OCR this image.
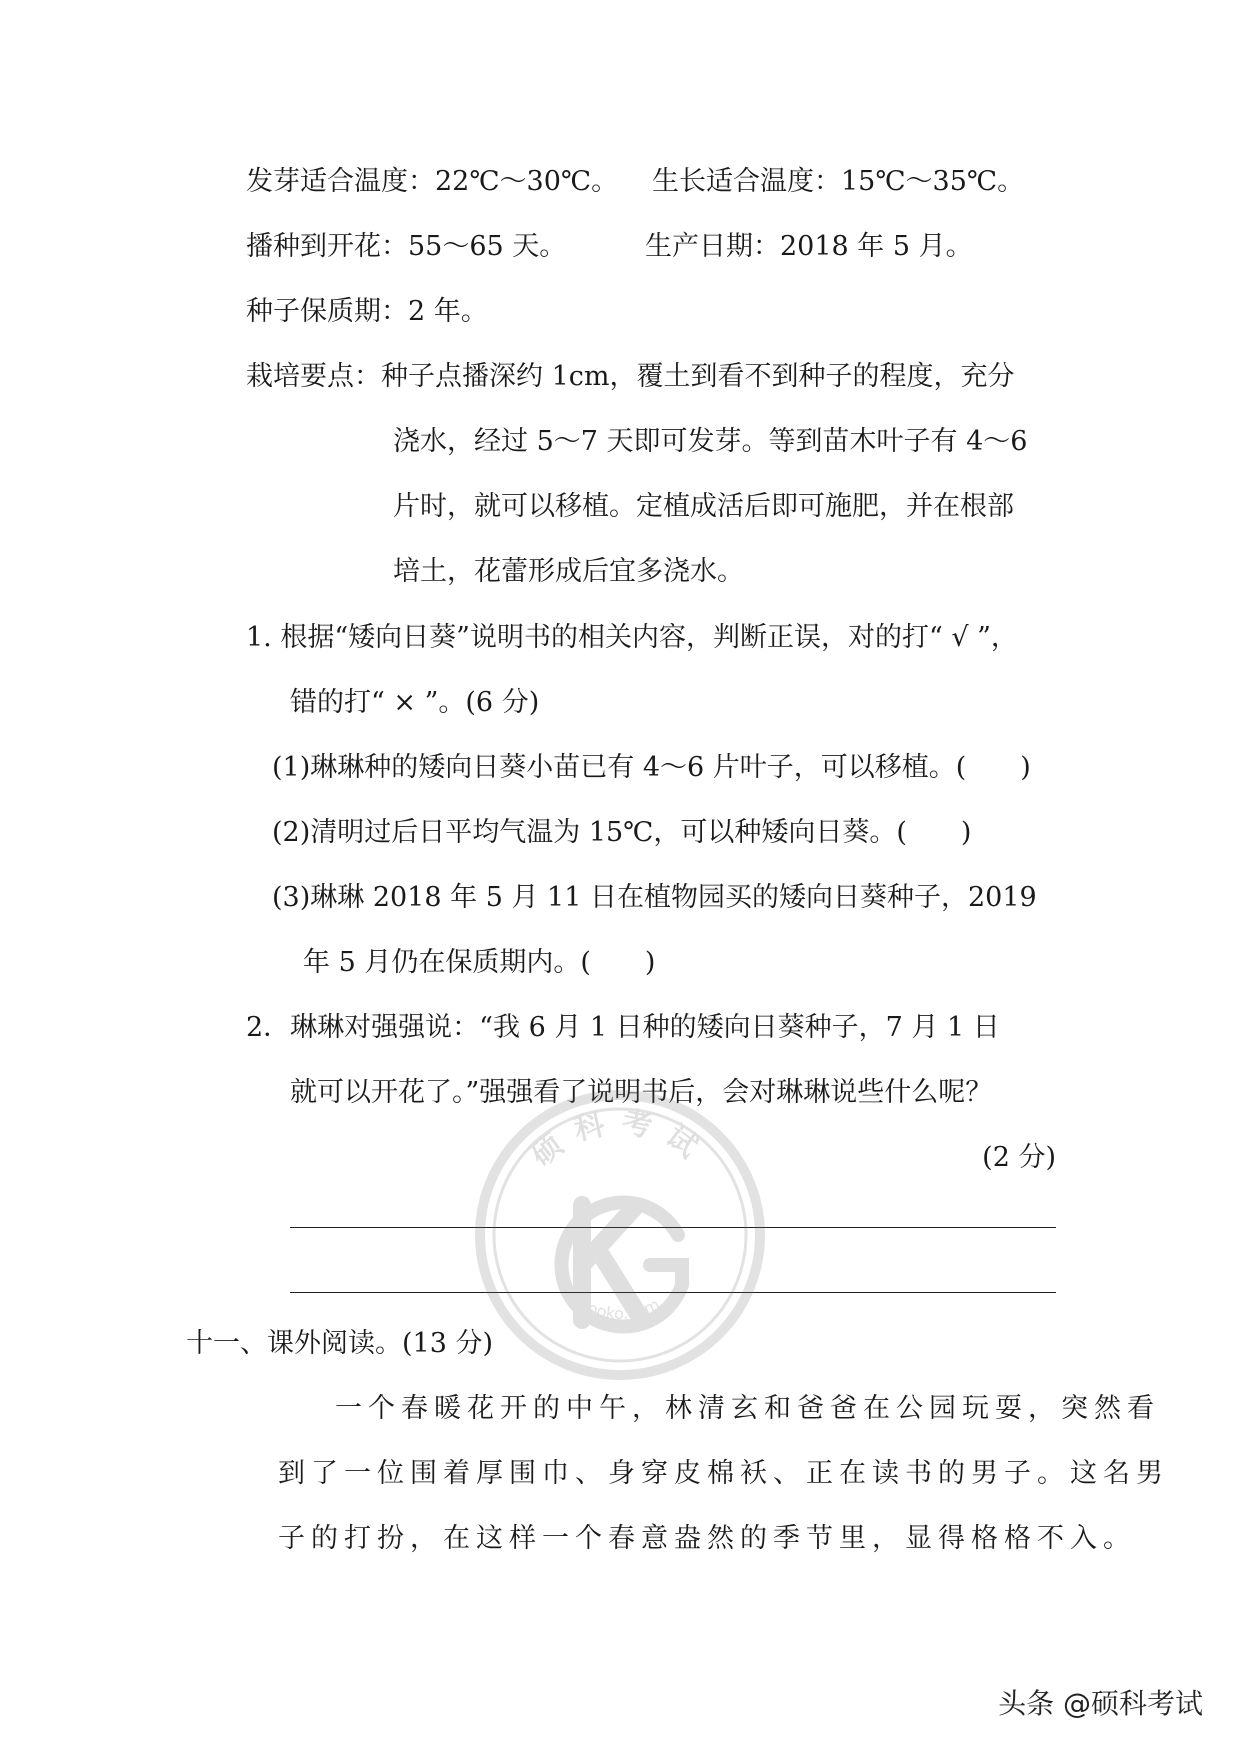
发芽适合温度：22℃～30℃。 生长适合温度：15℃～35℃。
播种到开花：55～65 天。	生产日期：2018 年 5 月。
种子保质期：2 年。
栽培要点：种子点播深约 1cm，覆土到看不到种子的程度，充分
浇水，经过 5～7 天即可发芽。等到苗木叶子有 4～6
片时，就可以移植。定植成活后即可施肥，并在根部
培土，花蕾形成后宜多浇水。
1. 根据“矮向日葵”说明书的相关内容，判断正误，对的打“ √ ”，
错的打“ × ”。(6 分)
(1)琳琳种的矮向日葵小苗已有 4～6 片叶子，可以移植。(　　)
(2)清明过后日平均气温为 15℃，可以种矮向日葵。(　　)
(3)琳琳 2018 年 5 月 11 日在植物园买的矮向日葵种子，2019
年 5 月仍在保质期内。(　　)
2．琳琳对强强说：“我 6 月 1 日种的矮向日葵种子，7 月 1 日
就可以开花了。”强强看了说明书后，会对琳琳说些什么呢？
(2 分)
十一、课外阅读。(13 分)
一个春暖花开的中午，林清玄和爸爸在公园玩耍，突然看
到了一位围着厚围巾、身穿皮棉袄、正在读书的男子。这名男
子的打扮，在这样一个春意盎然的季节里，显得格格不入。
硕科考试
sooko.com
头条 @硕科考试
